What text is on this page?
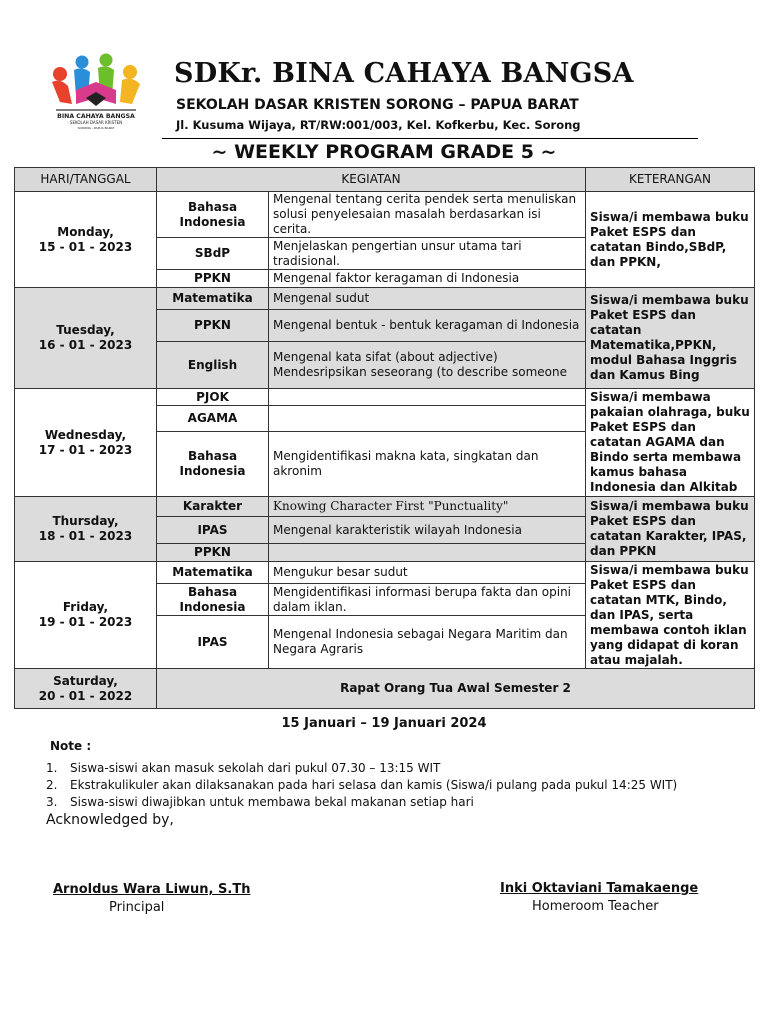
BINA CAHAYA BANGSA
SEKOLAH DASAR KRISTEN
SORONG - PAPUA BARAT
SDKr. BINA CAHAYA BANGSA
SEKOLAH DASAR KRISTEN SORONG – PAPUA BARAT
Jl. Kusuma Wijaya, RT/RW:001/003, Kel. Kofkerbu, Kec. Sorong
~ WEEKLY PROGRAM GRADE 5 ~
HARI/TANGGAL	KEGIATAN		KETERANGAN

Monday,
15 - 01 - 2023	Bahasa Indonesia	Mengenal tentang cerita pendek serta menuliskan solusi penyelesaian masalah berdasarkan isi cerita.	Siswa/i membawa buku Paket ESPS dan catatan Bindo,SBdP, dan PPKN,
	SBdP	Menjelaskan pengertian unsur utama tari tradisional.	
	PPKN	Mengenal faktor keragaman di Indonesia	

Tuesday,
16 - 01 - 2023	Matematika	Mengenal sudut	Siswa/i membawa buku Paket ESPS dan catatan Matematika,PPKN, modul Bahasa Inggris dan Kamus Bing
	PPKN	Mengenal bentuk - bentuk keragaman di Indonesia	
	English	Mengenal kata sifat (about adjective) Mendesripsikan seseorang (to describe someone	

Wednesday,
17 - 01 - 2023	PJOK		Siswa/i membawa pakaian olahraga, buku Paket ESPS dan catatan AGAMA dan Bindo serta membawa kamus bahasa Indonesia dan Alkitab
	AGAMA		
	Bahasa Indonesia	Mengidentifikasi makna kata, singkatan dan akronim	

Thursday,
18 - 01 - 2023	Karakter	Knowing Character First "Punctuality"	Siswa/i membawa buku Paket ESPS dan catatan Karakter, IPAS, dan PPKN
	IPAS	Mengenal karakteristik wilayah Indonesia	
	PPKN		

Friday,
19 - 01 - 2023	Matematika	Mengukur besar sudut	Siswa/i membawa buku Paket ESPS dan catatan MTK, Bindo, dan IPAS, serta membawa contoh iklan yang didapat di koran atau majalah.
	Bahasa Indonesia	Mengidentifikasi informasi berupa fakta dan opini dalam iklan.	
	IPAS	Mengenal Indonesia sebagai Negara Maritim dan Negara Agraris	

Saturday,
20 - 01 - 2022	Rapat Orang Tua Awal Semester 2		
15 Januari – 19 Januari 2024
Note :
1. Siswa-siswi akan masuk sekolah dari pukul 07.30 – 13:15 WIT
2. Ekstrakulikuler akan dilaksanakan pada hari selasa dan kamis (Siswa/i pulang pada pukul 14:25 WIT)
3. Siswa-siswi diwajibkan untuk membawa bekal makanan setiap hari
Acknowledged by,
Arnoldus Wara Liwun, S.Th
Principal
Inki Oktaviani Tamakaenge
Homeroom Teacher
